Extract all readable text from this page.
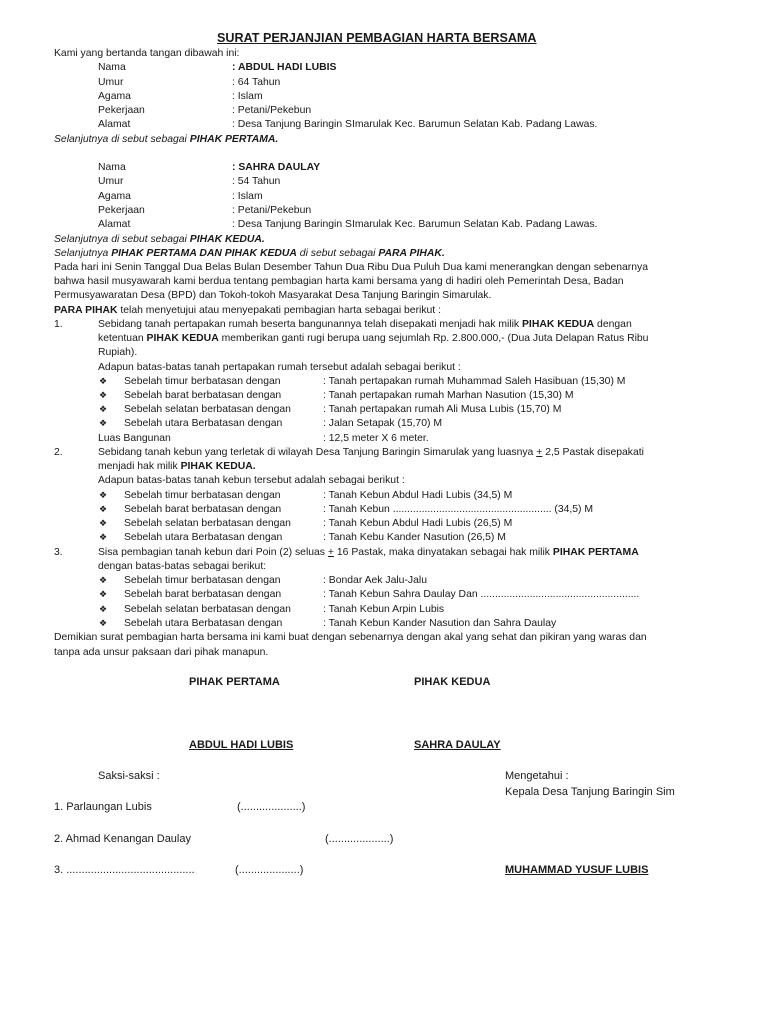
SURAT PERJANJIAN PEMBAGIAN HARTA BERSAMA
Kami yang bertanda tangan dibawah ini:
Nama	: ABDUL HADI LUBIS
Umur	: 64 Tahun
Agama	: Islam
Pekerjaan	: Petani/Pekebun
Alamat	: Desa Tanjung Baringin SImarulak Kec. Barumun Selatan Kab. Padang Lawas.
Selanjutnya di sebut sebagai PIHAK PERTAMA.
Nama	: SAHRA DAULAY
Umur	: 54 Tahun
Agama	: Islam
Pekerjaan	: Petani/Pekebun
Alamat	: Desa Tanjung Baringin SImarulak Kec. Barumun Selatan Kab. Padang Lawas.
Selanjutnya di sebut sebagai PIHAK KEDUA.
Selanjutnya PIHAK PERTAMA DAN PIHAK KEDUA di sebut sebagai PARA PIHAK.
Pada hari ini Senin Tanggal Dua Belas Bulan Desember Tahun Dua Ribu Dua Puluh Dua kami menerangkan dengan sebenarnya
bahwa hasil musyawarah kami berdua tentang pembagian harta kami bersama yang di hadiri oleh Pemerintah Desa, Badan
Permusyawaratan Desa (BPD) dan Tokoh-tokoh Masyarakat Desa Tanjung Baringin Simarulak.
PARA PIHAK telah menyetujui atau menyepakati pembagian harta sebagai berikut :
1.	Sebidang tanah pertapakan rumah beserta bangunannya telah disepakati menjadi hak milik PIHAK KEDUA dengan
ketentuan PIHAK KEDUA memberikan ganti rugi berupa uang sejumlah Rp. 2.800.000,- (Dua Juta Delapan Ratus Ribu
Rupiah).
Adapun batas-batas tanah pertapakan rumah tersebut adalah sebagai berikut :
❖ Sebelah timur berbatasan dengan	: Tanah pertapakan rumah Muhammad Saleh Hasibuan (15,30) M
❖ Sebelah barat berbatasan dengan	: Tanah pertapakan rumah Marhan Nasution (15,30) M
❖ Sebelah selatan berbatasan dengan	: Tanah pertapakan rumah Ali Musa Lubis (15,70) M
❖ Sebelah utara Berbatasan dengan	: Jalan Setapak (15,70) M
Luas Bangunan	: 12,5 meter X 6 meter.
2.	Sebidang tanah kebun yang terletak di wilayah Desa Tanjung Baringin Simarulak yang luasnya + 2,5 Pastak disepakati
menjadi hak milik PIHAK KEDUA.
Adapun batas-batas tanah kebun tersebut adalah sebagai berikut :
❖ Sebelah timur berbatasan dengan	: Tanah Kebun Abdul Hadi Lubis (34,5) M
❖ Sebelah barat berbatasan dengan	: Tanah Kebun ....................................................... (34,5) M
❖ Sebelah selatan berbatasan dengan	: Tanah Kebun Abdul Hadi Lubis (26,5) M
❖ Sebelah utara Berbatasan dengan	: Tanah Kebu Kander Nasution (26,5) M
3.	Sisa pembagian tanah kebun dari Poin (2) seluas + 16 Pastak, maka dinyatakan sebagai hak milik PIHAK PERTAMA
dengan batas-batas sebagai berikut:
❖ Sebelah timur berbatasan dengan	: Bondar Aek Jalu-Jalu
❖ Sebelah barat berbatasan dengan	: Tanah Kebun Sahra Daulay Dan .......................................................
❖ Sebelah selatan berbatasan dengan	: Tanah Kebun Arpin Lubis
❖ Sebelah utara Berbatasan dengan	: Tanah Kebun Kander Nasution dan Sahra Daulay
Demikian surat pembagian harta bersama ini kami buat dengan sebenarnya dengan akal yang sehat dan pikiran yang waras dan
tanpa ada unsur paksaan dari pihak manapun.
PIHAK PERTAMA	PIHAK KEDUA
ABDUL HADI LUBIS	SAHRA DAULAY
Saksi-saksi :	Mengetahui :
Kepala Desa Tanjung Baringin Sim
1. Parlaungan Lubis	(....................)
2. Ahmad Kenangan Daulay	(....................)
3. ..........................................	(....................)	MUHAMMAD YUSUF LUBIS
